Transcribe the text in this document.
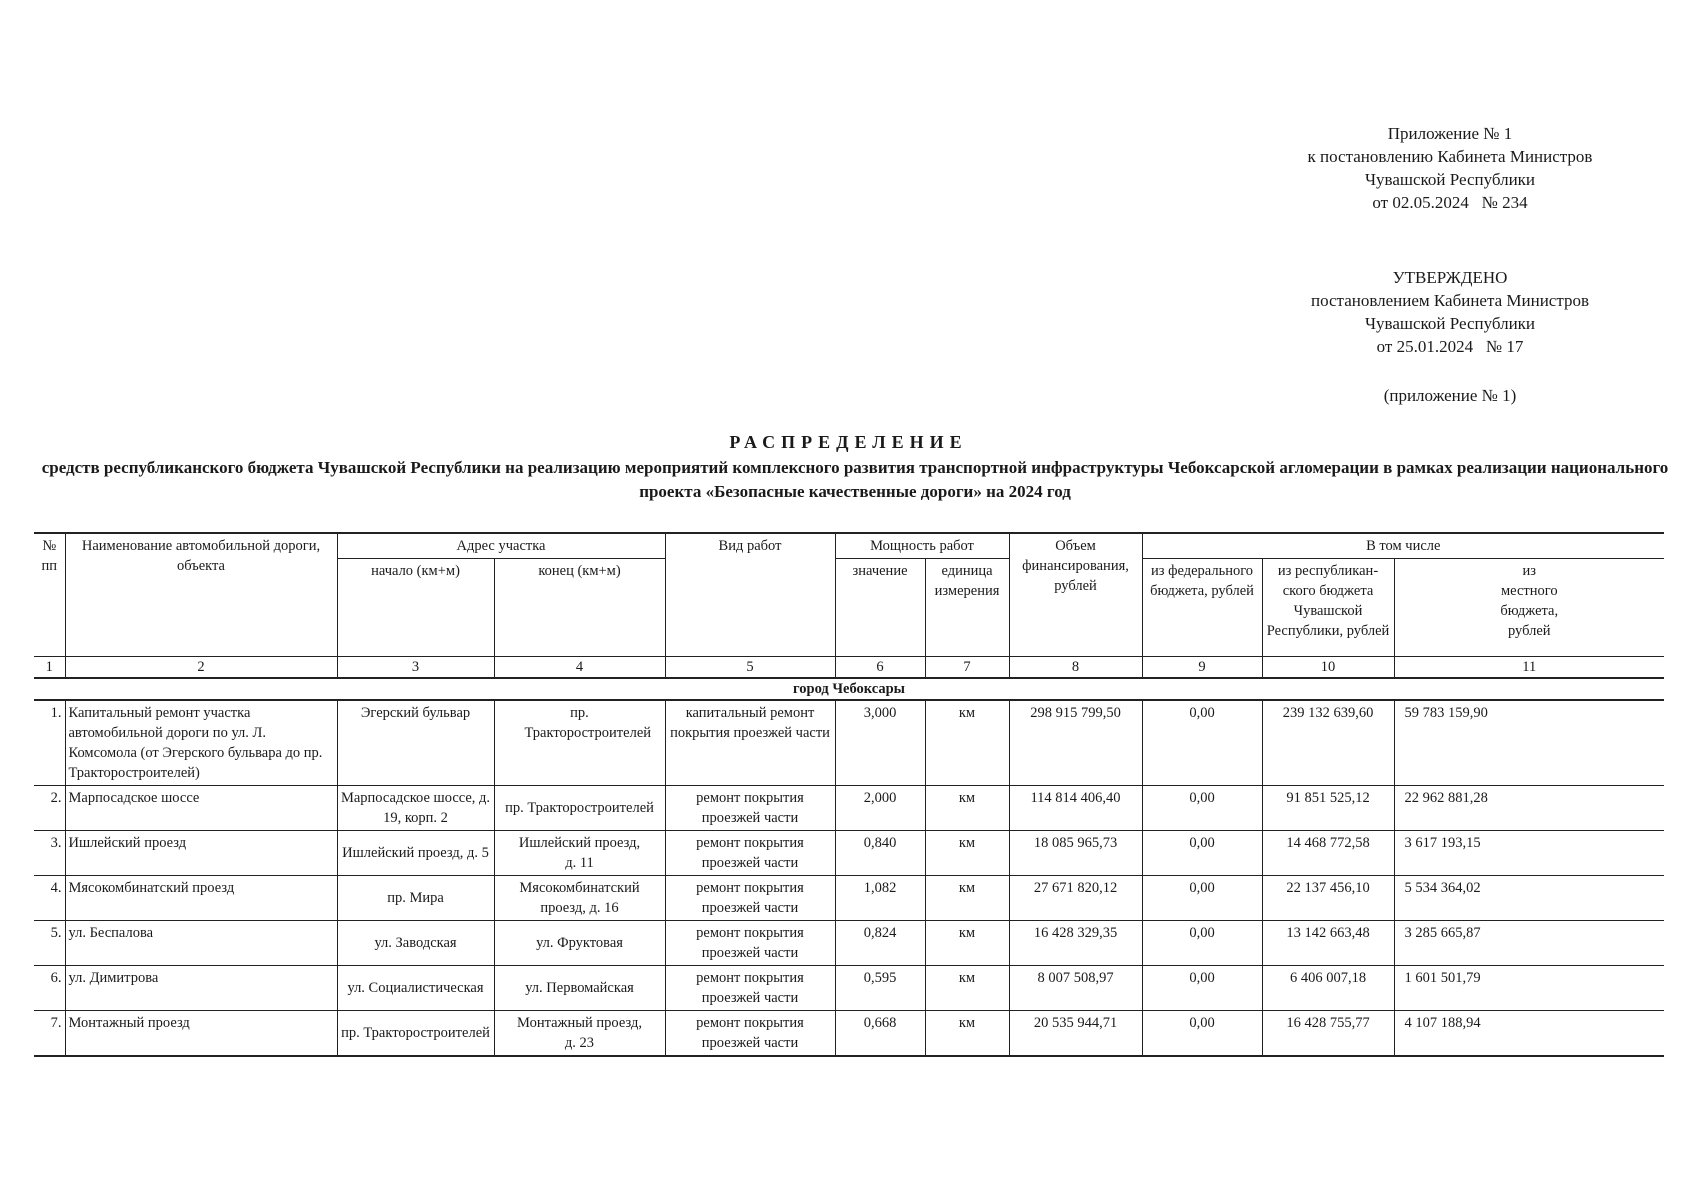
Приложение № 1
к постановлению Кабинета Министров
Чувашской Республики
от 02.05.2024   № 234
УТВЕРЖДЕНО
постановлением Кабинета Министров
Чувашской Республики
от 25.01.2024   № 17
(приложение № 1)
РАСПРЕДЕЛЕНИЕ
средств республиканского бюджета Чувашской Республики на реализацию мероприятий комплексного развития транспортной инфраструктуры Чебоксарской агломерации в рамках реализации национального проекта «Безопасные качественные дороги» на 2024 год
№ пп	Наименование автомобильной дороги, объекта	Адрес участка		Вид работ	Мощность работ		Объем финансирования, рублей	В том числе		
		начало (км+м)	конец (км+м)		значение	единица измерения		из федерального бюджета, рублей	из республикан-ского бюджета Чувашской Республики, рублей	из местного бюджета, рублей
1	2	3	4	5	6	7	8	9	10	11
город Чебоксары										
1.	Капитальный ремонт участка автомобильной дороги по ул. Л. Комсомола (от Эгерского бульвара до пр. Тракторостроителей)	Эгерский бульвар	пр. Тракторостроителей	капитальный ремонт покрытия проезжей части	3,000	км	298 915 799,50	0,00	239 132 639,60	59 783 159,90
2.	Марпосадское шоссе	Марпосадское шоссе, д. 19, корп. 2	пр. Тракторостроителей	ремонт покрытия проезжей части	2,000	км	114 814 406,40	0,00	91 851 525,12	22 962 881,28
3.	Ишлейский проезд	Ишлейский проезд, д. 5	Ишлейский проезд, д. 11	ремонт покрытия проезжей части	0,840	км	18 085 965,73	0,00	14 468 772,58	3 617 193,15
4.	Мясокомбинатский проезд	пр. Мира	Мясокомбинатский проезд, д. 16	ремонт покрытия проезжей части	1,082	км	27 671 820,12	0,00	22 137 456,10	5 534 364,02
5.	ул. Беспалова	ул. Заводская	ул. Фруктовая	ремонт покрытия проезжей части	0,824	км	16 428 329,35	0,00	13 142 663,48	3 285 665,87
6.	ул. Димитрова	ул. Социалистическая	ул. Первомайская	ремонт покрытия проезжей части	0,595	км	8 007 508,97	0,00	6 406 007,18	1 601 501,79
7.	Монтажный проезд	пр. Тракторостроителей	Монтажный проезд, д. 23	ремонт покрытия проезжей части	0,668	км	20 535 944,71	0,00	16 428 755,77	4 107 188,94
